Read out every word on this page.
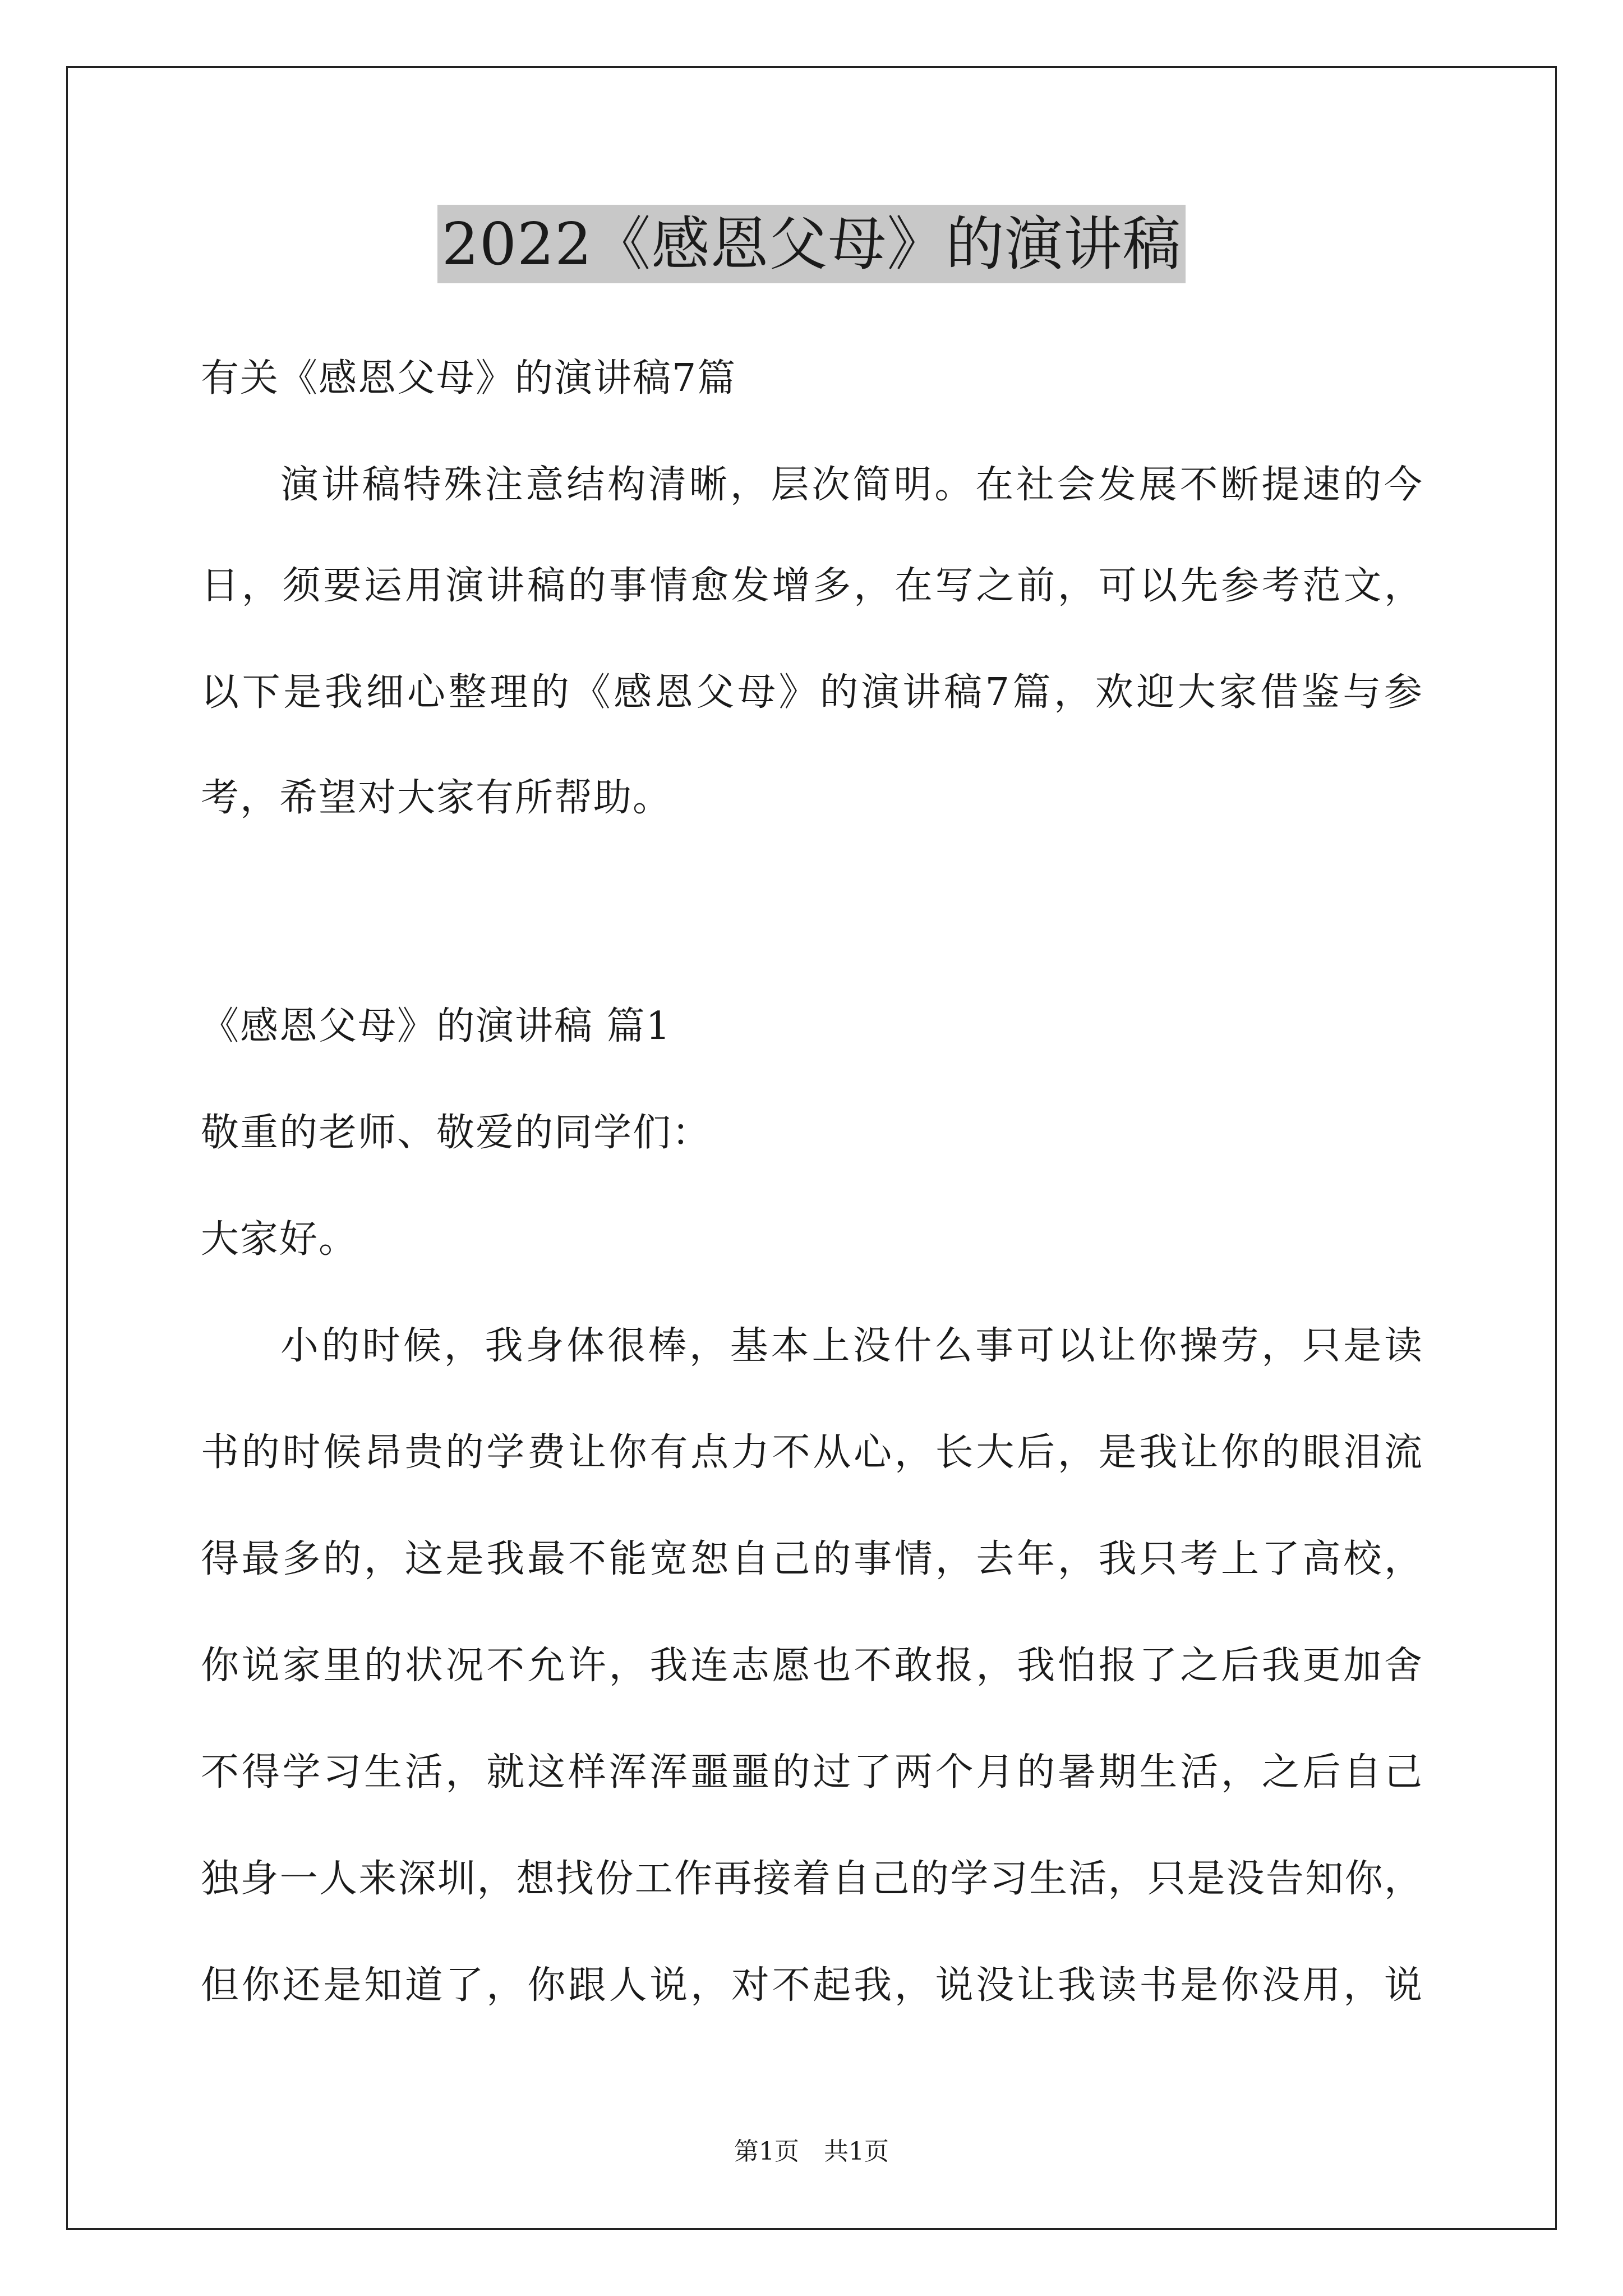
2022《感恩父母》的演讲稿
有关《感恩父母》的演讲稿7篇
演讲稿特殊注意结构清晰，层次简明。在社会发展不断提速的今
日，须要运用演讲稿的事情愈发增多，在写之前，可以先参考范文，
以下是我细心整理的《感恩父母》的演讲稿7篇，欢迎大家借鉴与参
考，希望对大家有所帮助。
《感恩父母》的演讲稿 篇1
敬重的老师、敬爱的同学们：
大家好。
小的时候，我身体很棒，基本上没什么事可以让你操劳，只是读
书的时候昂贵的学费让你有点力不从心，长大后，是我让你的眼泪流
得最多的，这是我最不能宽恕自己的事情，去年，我只考上了高校，
你说家里的状况不允许，我连志愿也不敢报，我怕报了之后我更加舍
不得学习生活，就这样浑浑噩噩的过了两个月的暑期生活，之后自己
独身一人来深圳，想找份工作再接着自己的学习生活，只是没告知你，
但你还是知道了，你跟人说，对不起我，说没让我读书是你没用，说
第1页　共1页
